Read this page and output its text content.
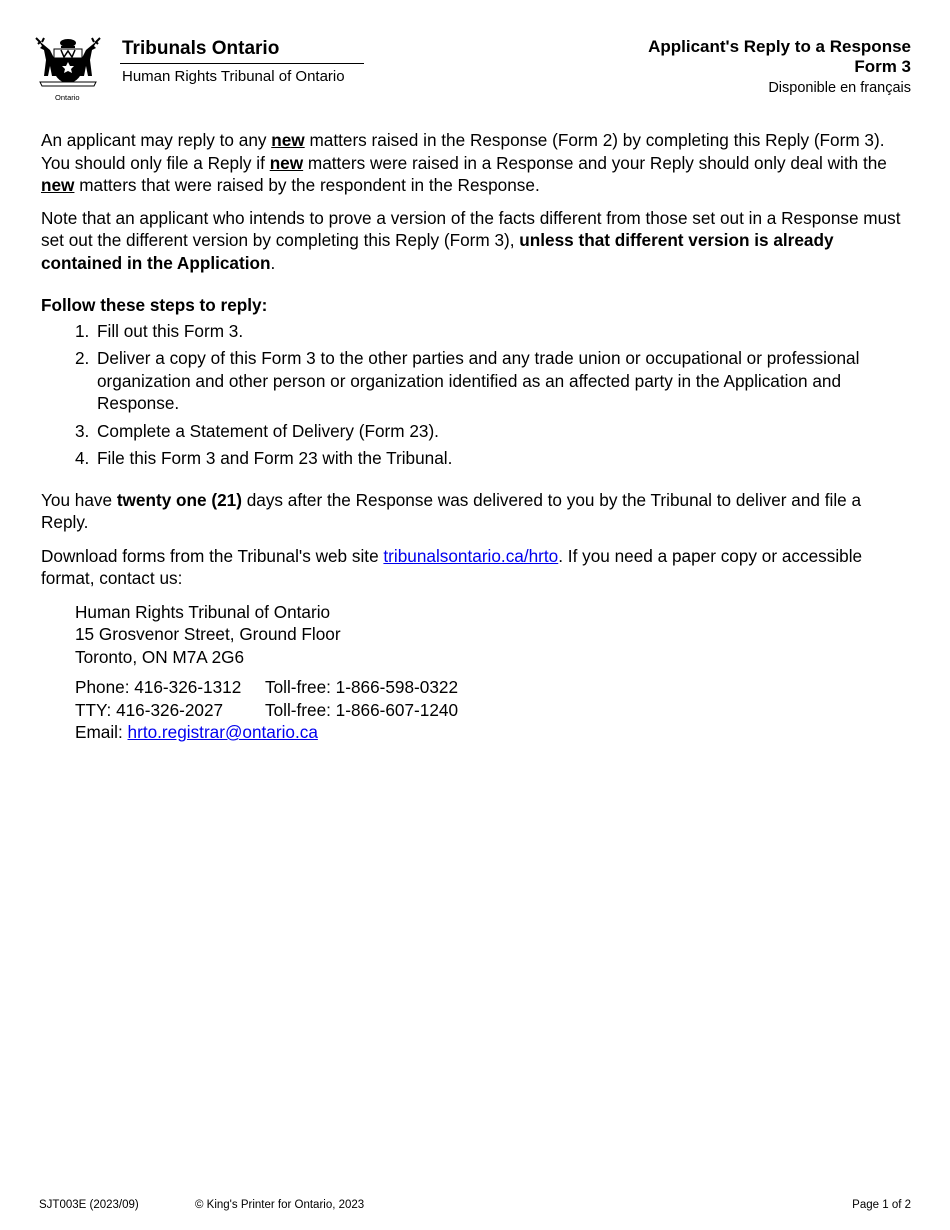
Ontario
Tribunals Ontario
Human Rights Tribunal of Ontario
Applicant's Reply to a Response
Form 3
Disponible en français

An applicant may reply to any new matters raised in the Response (Form 2) by completing this Reply (Form 3). You should only file a Reply if new matters were raised in a Response and your Reply should only deal with the new matters that were raised by the respondent in the Response.

Note that an applicant who intends to prove a version of the facts different from those set out in a Response must set out the different version by completing this Reply (Form 3), unless that different version is already contained in the Application.

Follow these steps to reply:

1. Fill out this Form 3.
2. Deliver a copy of this Form 3 to the other parties and any trade union or occupational or professional organization and other person or organization identified as an affected party in the Application and Response.
3. Complete a Statement of Delivery (Form 23).
4. File this Form 3 and Form 23 with the Tribunal.

You have twenty one (21) days after the Response was delivered to you by the Tribunal to deliver and file a Reply.

Download forms from the Tribunal's web site tribunalsontario.ca/hrto. If you need a paper copy or accessible format, contact us:

Human Rights Tribunal of Ontario
15 Grosvenor Street, Ground Floor
Toronto, ON M7A 2G6
Phone: 416-326-1312 Toll-free: 1-866-598-0322
TTY: 416-326-2027 Toll-free: 1-866-607-1240
Email: hrto.registrar@ontario.ca
SJT003E (2023/09)	© King's Printer for Ontario, 2023	Page 1 of 2
